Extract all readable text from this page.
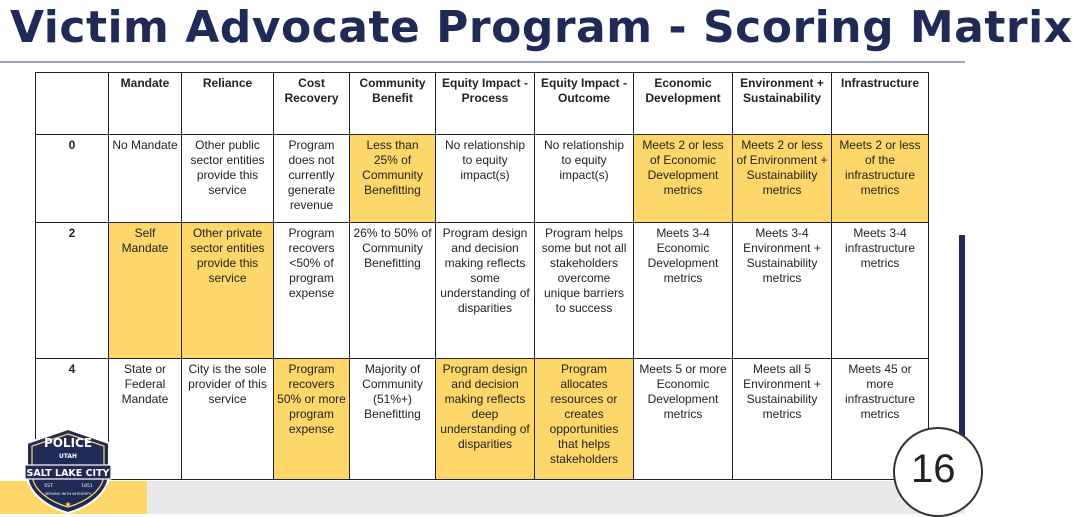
Victim Advocate Program - Scoring Matrix
	Mandate	Reliance	Cost Recovery	Community Benefit	Equity Impact - Process	Equity Impact - Outcome	Economic Development	Environment + Sustainability	Infrastructure
0	No Mandate	Other public sector entities provide this service	Program does not currently generate revenue	Less than 25% of Community Benefitting	No relationship to equity impact(s)	No relationship to equity impact(s)	Meets 2 or less of Economic Development metrics	Meets 2 or less of Environment + Sustainability metrics	Meets 2 or less of the infrastructure metrics
2	Self Mandate	Other private sector entities provide this service	Program recovers <50% of program expense	26% to 50% of Community Benefitting	Program design and decision making reflects some understanding of disparities	Program helps some but not all stakeholders overcome unique barriers to success	Meets 3-4 Economic Development metrics	Meets 3-4 Environment + Sustainability metrics	Meets 3-4 infrastructure metrics
4	State or Federal Mandate	City is the sole provider of this service	Program recovers 50% or more program expense	Majority of Community (51%+) Benefitting	Program design and decision making reflects deep understanding of disparities	Program allocates resources or creates opportunities that helps stakeholders	Meets 5 or more Economic Development metrics	Meets all 5 Environment + Sustainability metrics	Meets 45 or more infrastructure metrics
POLICE
UTAH
SALT LAKE CITY
EST.	1851
SERVING WITH INTEGRITY
★
16
